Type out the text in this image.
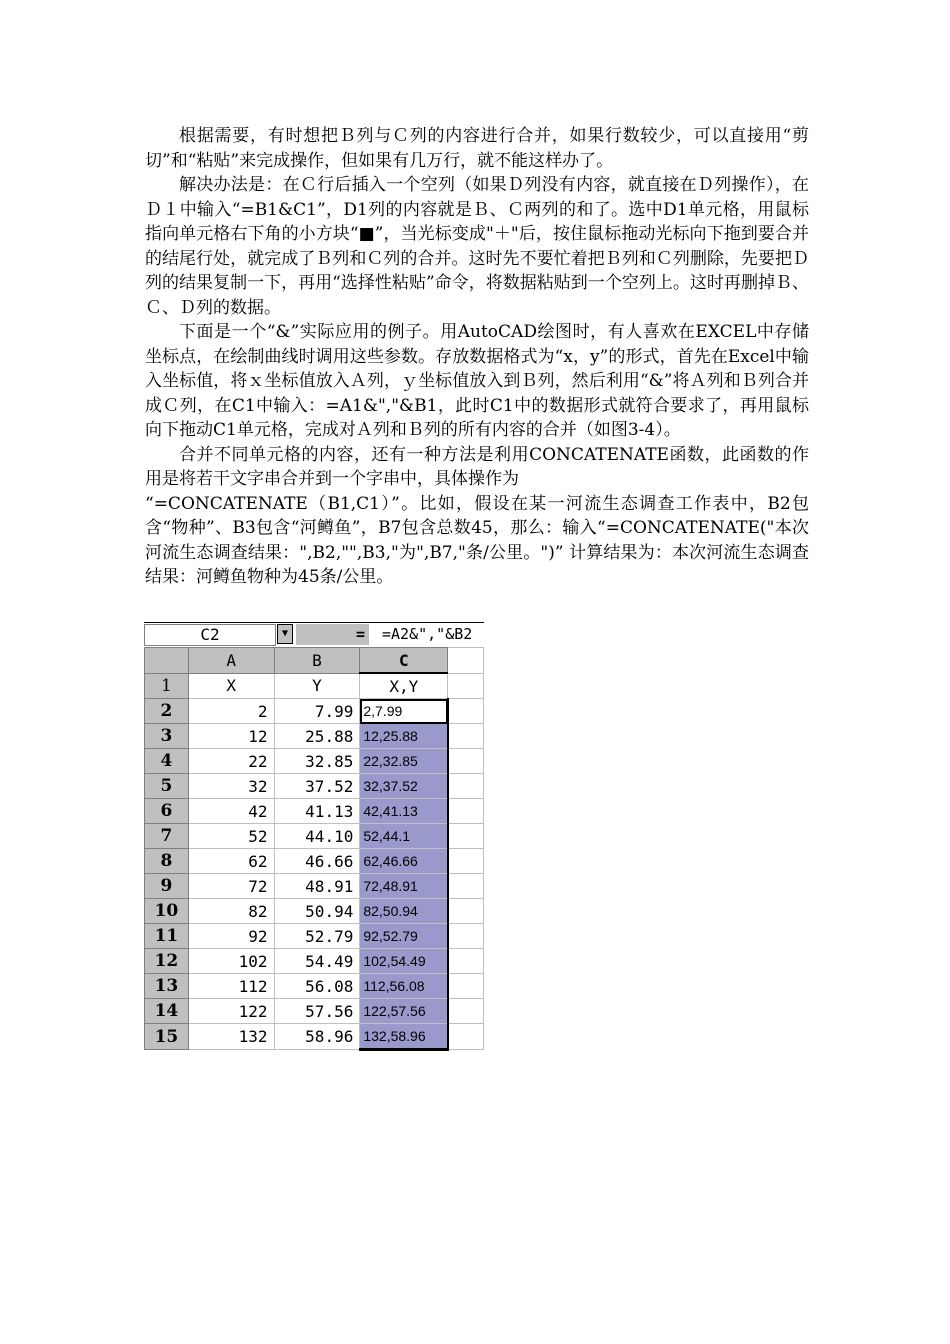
根据需要，有时想把Ｂ列与Ｃ列的内容进行合并，如果行数较少，可以直接用“剪切”和“粘贴”来完成操作，但如果有几万行，就不能这样办了。

解决办法是：在Ｃ行后插入一个空列（如果Ｄ列没有内容，就直接在Ｄ列操作），在Ｄ１中输入“=B1&C1”，D1列的内容就是Ｂ、Ｃ两列的和了。选中D1单元格，用鼠标指向单元格右下角的小方块“■”，当光标变成"＋"后，按住鼠标拖动光标向下拖到要合并的结尾行处，就完成了Ｂ列和Ｃ列的合并。这时先不要忙着把Ｂ列和Ｃ列删除，先要把Ｄ列的结果复制一下，再用“选择性粘贴”命令，将数据粘贴到一个空列上。这时再删掉Ｂ、Ｃ、Ｄ列的数据。

下面是一个“&”实际应用的例子。用AutoCAD绘图时，有人喜欢在EXCEL中存储坐标点，在绘制曲线时调用这些参数。存放数据格式为“x，y”的形式，首先在Excel中输入坐标值，将ｘ坐标值放入Ａ列，ｙ坐标值放入到Ｂ列，然后利用“&”将Ａ列和Ｂ列合并成Ｃ列，在C1中输入：=A1&","&B1，此时C1中的数据形式就符合要求了，再用鼠标向下拖动C1单元格，完成对Ａ列和Ｂ列的所有内容的合并（如图3-4）。

合并不同单元格的内容，还有一种方法是利用CONCATENATE函数，此函数的作用是将若干文字串合并到一个字串中，具体操作为

“=CONCATENATE（B1,C1）”。比如，假设在某一河流生态调查工作表中，B2包含“物种”、B3包含“河鳟鱼”，B7包含总数45，那么：输入“=CONCATENATE("本次河流生态调查结果：",B2,"",B3,"为",B7,"条/公里。")” 计算结果为：本次河流生态调查结果：河鳟鱼物种为45条/公里。

C2	▼	=	=A2&","&B2
	A	B	C	
1	X	Y	X,Y	
2	2	7.99	2,7.99	
3	12	25.88	12,25.88	
4	22	32.85	22,32.85	
5	32	37.52	32,37.52	
6	42	41.13	42,41.13	
7	52	44.10	52,44.1	
8	62	46.66	62,46.66	
9	72	48.91	72,48.91	
10	82	50.94	82,50.94	
11	92	52.79	92,52.79	
12	102	54.49	102,54.49	
13	112	56.08	112,56.08	
14	122	57.56	122,57.56	
15	132	58.96	132,58.96	
